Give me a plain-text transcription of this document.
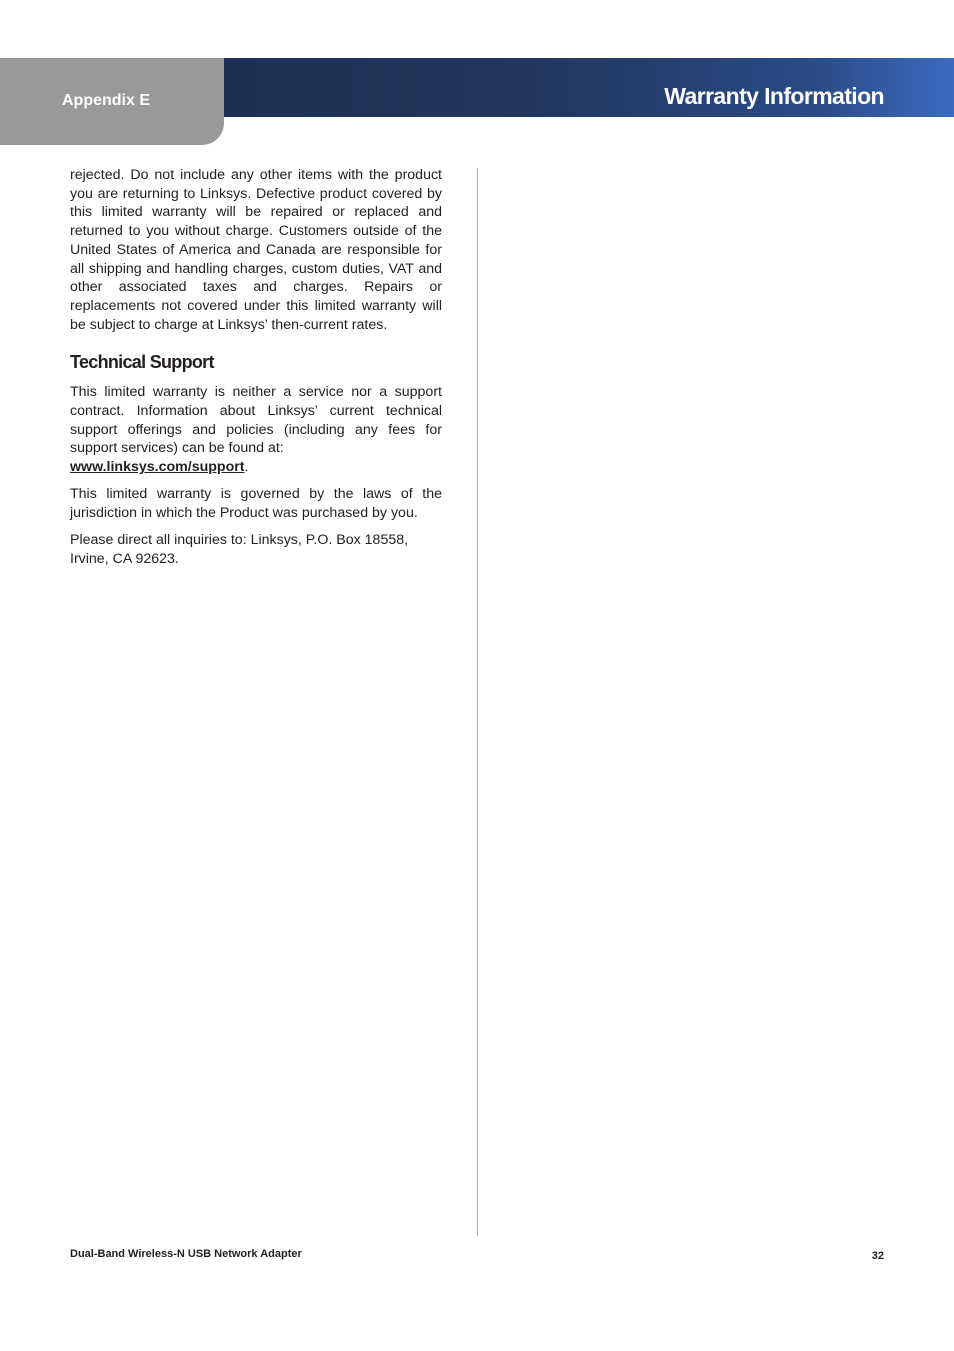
Appendix E	Warranty Information

rejected. Do not include any other items with the product you are returning to Linksys. Defective product covered by this limited warranty will be repaired or replaced and returned to you without charge. Customers outside of the United States of America and Canada are responsible for all shipping and handling charges, custom duties, VAT and other associated taxes and charges. Repairs or replacements not covered under this limited warranty will be subject to charge at Linksys’ then-current rates.

Technical Support

This limited warranty is neither a service nor a support contract. Information about Linksys’ current technical support offerings and policies (including any fees for support services) can be found at:

www.linksys.com/support.

This limited warranty is governed by the laws of the jurisdiction in which the Product was purchased by you.

Please direct all inquiries to: Linksys, P.O. Box 18558, Irvine, CA 92623.

Dual-Band Wireless-N USB Network Adapter	32
